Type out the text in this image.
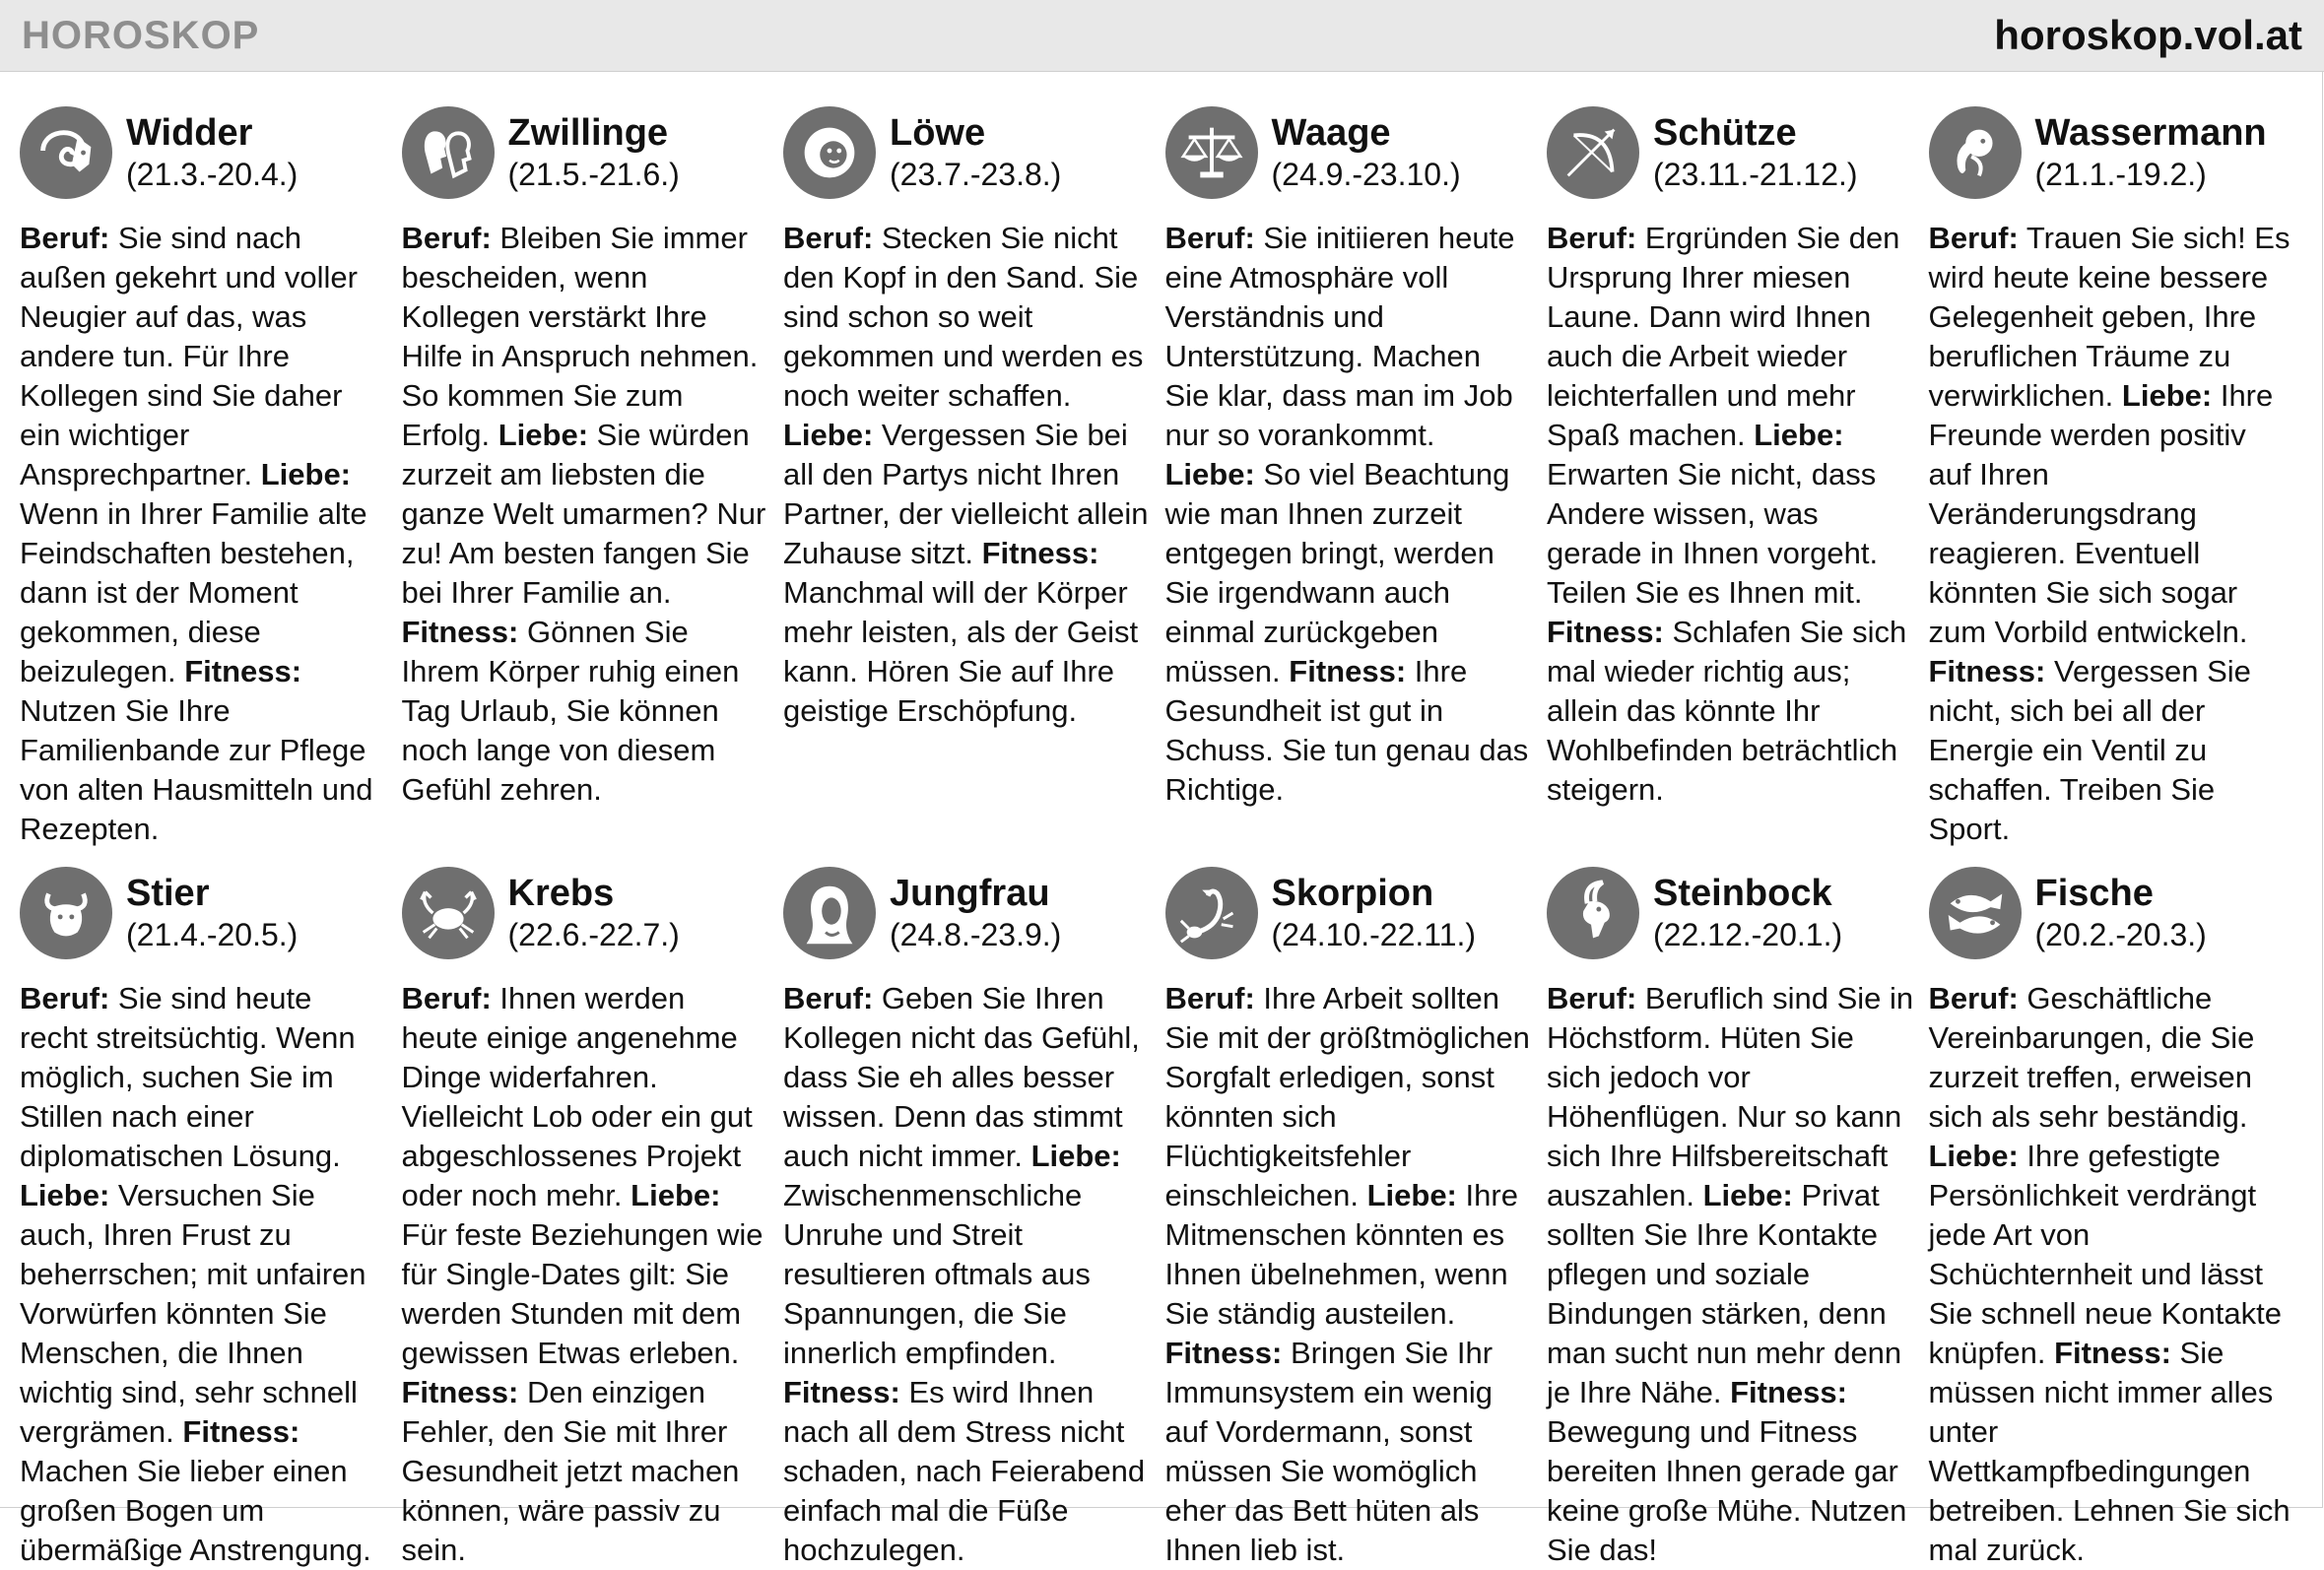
HOROSKOP	horoskop.vol.at
Widder
(21.3.-20.4.)
Beruf: Sie sind nach außen gekehrt und voller Neugier auf das, was andere tun. Für Ihre Kollegen sind Sie daher ein wichtiger Ansprechpartner. Liebe: Wenn in Ihrer Familie alte Feindschaften bestehen, dann ist der Moment gekommen, diese beizulegen. Fitness: Nutzen Sie Ihre Familienbande zur Pflege von alten Hausmitteln und Rezepten.
Zwillinge
(21.5.-21.6.)
Beruf: Bleiben Sie immer bescheiden, wenn Kollegen verstärkt Ihre Hilfe in Anspruch nehmen. So kommen Sie zum Erfolg. Liebe: Sie würden zurzeit am liebsten die ganze Welt umarmen? Nur zu! Am besten fangen Sie bei Ihrer Familie an. Fitness: Gönnen Sie Ihrem Körper ruhig einen Tag Urlaub, Sie können noch lange von diesem Gefühl zehren.
Löwe
(23.7.-23.8.)
Beruf: Stecken Sie nicht den Kopf in den Sand. Sie sind schon so weit gekommen und werden es noch weiter schaffen. Liebe: Vergessen Sie bei all den Partys nicht Ihren Partner, der vielleicht allein Zuhause sitzt. Fitness: Manchmal will der Körper mehr leisten, als der Geist kann. Hören Sie auf Ihre geistige Erschöpfung.
Waage
(24.9.-23.10.)
Beruf: Sie initiieren heute eine Atmosphäre voll Verständnis und Unterstützung. Machen Sie klar, dass man im Job nur so vorankommt. Liebe: So viel Beachtung wie man Ihnen zurzeit entgegen bringt, werden Sie irgendwann auch einmal zurückgeben müssen. Fitness: Ihre Gesundheit ist gut in Schuss. Sie tun genau das Richtige.
Schütze
(23.11.-21.12.)
Beruf: Ergründen Sie den Ursprung Ihrer miesen Laune. Dann wird Ihnen auch die Arbeit wieder leichterfallen und mehr Spaß machen. Liebe: Erwarten Sie nicht, dass Andere wissen, was gerade in Ihnen vorgeht. Teilen Sie es Ihnen mit. Fitness: Schlafen Sie sich mal wieder richtig aus; allein das könnte Ihr Wohlbefinden beträchtlich steigern.
Wassermann
(21.1.-19.2.)
Beruf: Trauen Sie sich! Es wird heute keine bessere Gelegenheit geben, Ihre beruflichen Träume zu verwirklichen. Liebe: Ihre Freunde werden positiv auf Ihren Veränderungsdrang reagieren. Eventuell könnten Sie sich sogar zum Vorbild entwickeln. Fitness: Vergessen Sie nicht, sich bei all der Energie ein Ventil zu schaffen. Treiben Sie Sport.
Stier
(21.4.-20.5.)
Beruf: Sie sind heute recht streitsüchtig. Wenn möglich, suchen Sie im Stillen nach einer diplomatischen Lösung. Liebe: Versuchen Sie auch, Ihren Frust zu beherrschen; mit unfairen Vorwürfen könnten Sie Menschen, die Ihnen wichtig sind, sehr schnell vergrämen. Fitness: Machen Sie lieber einen großen Bogen um übermäßige Anstrengung.
Krebs
(22.6.-22.7.)
Beruf: Ihnen werden heute einige angenehme Dinge widerfahren. Vielleicht Lob oder ein gut abgeschlossenes Projekt oder noch mehr. Liebe: Für feste Beziehungen wie für Single-Dates gilt: Sie werden Stunden mit dem gewissen Etwas erleben. Fitness: Den einzigen Fehler, den Sie mit Ihrer Gesundheit jetzt machen können, wäre passiv zu sein.
Jungfrau
(24.8.-23.9.)
Beruf: Geben Sie Ihren Kollegen nicht das Gefühl, dass Sie eh alles besser wissen. Denn das stimmt auch nicht immer. Liebe: Zwischenmenschliche Unruhe und Streit resultieren oftmals aus Spannungen, die Sie innerlich empfinden. Fitness: Es wird Ihnen nach all dem Stress nicht schaden, nach Feierabend einfach mal die Füße hochzulegen.
Skorpion
(24.10.-22.11.)
Beruf: Ihre Arbeit sollten Sie mit der größtmöglichen Sorgfalt erledigen, sonst könnten sich Flüchtigkeitsfehler einschleichen. Liebe: Ihre Mitmenschen könnten es Ihnen übelnehmen, wenn Sie ständig austeilen. Fitness: Bringen Sie Ihr Immunsystem ein wenig auf Vordermann, sonst müssen Sie womöglich eher das Bett hüten als Ihnen lieb ist.
Steinbock
(22.12.-20.1.)
Beruf: Beruflich sind Sie in Höchstform. Hüten Sie sich jedoch vor Höhenflügen. Nur so kann sich Ihre Hilfsbereitschaft auszahlen. Liebe: Privat sollten Sie Ihre Kontakte pflegen und soziale Bindungen stärken, denn man sucht nun mehr denn je Ihre Nähe. Fitness: Bewegung und Fitness bereiten Ihnen gerade gar keine große Mühe. Nutzen Sie das!
Fische
(20.2.-20.3.)
Beruf: Geschäftliche Vereinbarungen, die Sie zurzeit treffen, erweisen sich als sehr beständig. Liebe: Ihre gefestigte Persönlichkeit verdrängt jede Art von Schüchternheit und lässt Sie schnell neue Kontakte knüpfen. Fitness: Sie müssen nicht immer alles unter Wettkampfbedingungen betreiben. Lehnen Sie sich mal zurück.
